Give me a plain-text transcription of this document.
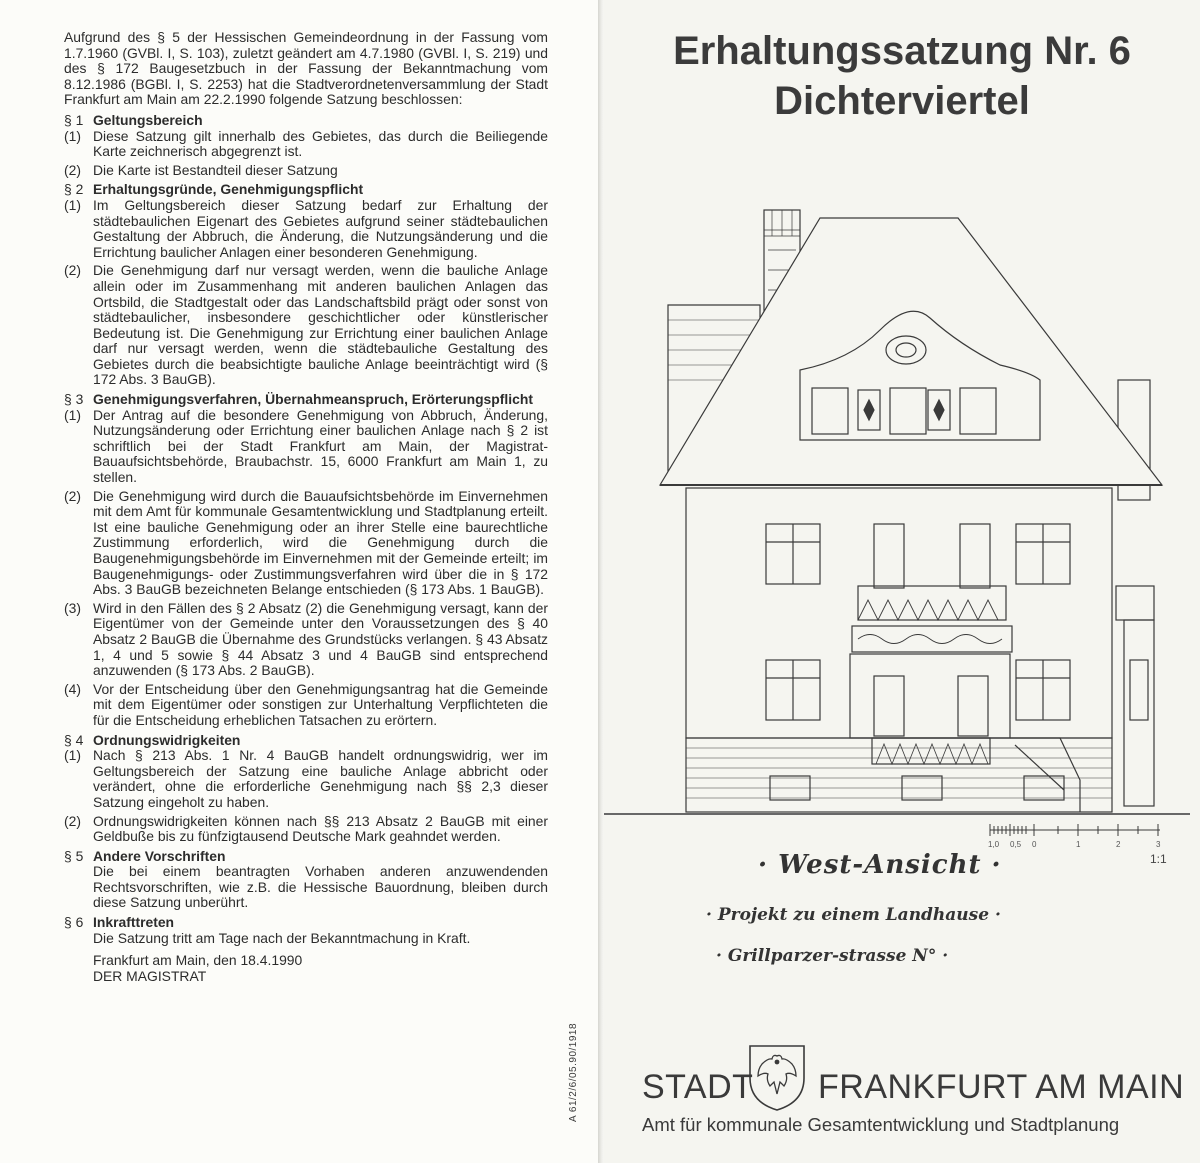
Aufgrund des § 5 der Hessischen Gemeindeordnung in der Fassung vom 1.7.1960 (GVBl. I, S. 103), zuletzt geändert am 4.7.1980 (GVBl. I, S. 219) und des § 172 Baugesetzbuch in der Fassung der Bekanntmachung vom 8.12.1986 (BGBl. I, S. 2253) hat die Stadtverordnetenversammlung der Stadt Frankfurt am Main am 22.2.1990 folgende Satzung beschlossen:

§ 1 Geltungsbereich
(1) Diese Satzung gilt innerhalb des Gebietes, das durch die Beiliegende Karte zeichnerisch abgegrenzt ist.
(2) Die Karte ist Bestandteil dieser Satzung
§ 2 Erhaltungsgründe, Genehmigungspflicht
(1) Im Geltungsbereich dieser Satzung bedarf zur Erhaltung der städtebaulichen Eigenart des Gebietes aufgrund seiner städtebaulichen Gestaltung der Abbruch, die Änderung, die Nutzungsänderung und die Errichtung baulicher Anlagen einer besonderen Genehmigung.
(2) Die Genehmigung darf nur versagt werden, wenn die bauliche Anlage allein oder im Zusammenhang mit anderen baulichen Anlagen das Ortsbild, die Stadtgestalt oder das Landschaftsbild prägt oder sonst von städtebaulicher, insbesondere geschichtlicher oder künstlerischer Bedeutung ist. Die Genehmigung zur Errichtung einer baulichen Anlage darf nur versagt werden, wenn die städtebauliche Gestaltung des Gebietes durch die beabsichtigte bauliche Anlage beeinträchtigt wird (§ 172 Abs. 3 BauGB).
§ 3 Genehmigungsverfahren, Übernahmeanspruch, Erörterungspflicht
(1) Der Antrag auf die besondere Genehmigung von Abbruch, Änderung, Nutzungsänderung oder Errichtung einer baulichen Anlage nach § 2 ist schriftlich bei der Stadt Frankfurt am Main, der Magistrat-Bauaufsichtsbehörde, Braubachstr. 15, 6000 Frankfurt am Main 1, zu stellen.
(2) Die Genehmigung wird durch die Bauaufsichtsbehörde im Einvernehmen mit dem Amt für kommunale Gesamtentwicklung und Stadtplanung erteilt. Ist eine bauliche Genehmigung oder an ihrer Stelle eine baurechtliche Zustimmung erforderlich, wird die Genehmigung durch die Baugenehmigungsbehörde im Einvernehmen mit der Gemeinde erteilt; im Baugenehmigungs- oder Zustimmungsverfahren wird über die in § 172 Abs. 3 BauGB bezeichneten Belange entschieden (§ 173 Abs. 1 BauGB).
(3) Wird in den Fällen des § 2 Absatz (2) die Genehmigung versagt, kann der Eigentümer von der Gemeinde unter den Voraussetzungen des § 40 Absatz 2 BauGB die Übernahme des Grundstücks verlangen. § 43 Absatz 1, 4 und 5 sowie § 44 Absatz 3 und 4 BauGB sind entsprechend anzuwenden (§ 173 Abs. 2 BauGB).
(4) Vor der Entscheidung über den Genehmigungsantrag hat die Gemeinde mit dem Eigentümer oder sonstigen zur Unterhaltung Verpflichteten die für die Entscheidung erheblichen Tatsachen zu erörtern.
§ 4 Ordnungswidrigkeiten
(1) Nach § 213 Abs. 1 Nr. 4 BauGB handelt ordnungswidrig, wer im Geltungsbereich der Satzung eine bauliche Anlage abbricht oder verändert, ohne die erforderliche Genehmigung nach §§ 2,3 dieser Satzung eingeholt zu haben.
(2) Ordnungswidrigkeiten können nach §§ 213 Absatz 2 BauGB mit einer Geldbuße bis zu fünfzigtausend Deutsche Mark geahndet werden.
§ 5 Andere Vorschriften
Die bei einem beantragten Vorhaben anderen anzuwendenden Rechtsvorschriften, wie z.B. die Hessische Bauordnung, bleiben durch diese Satzung unberührt.
§ 6 Inkrafttreten
Die Satzung tritt am Tage nach der Bekanntmachung in Kraft.
Frankfurt am Main, den 18.4.1990
DER MAGISTRAT
A 61/2/6/05.90/1918
Erhaltungssatzung Nr. 6
Dichterviertel
1,0 0,5 0	1	2	3
1:1
· West-Ansicht ·
· Projekt zu einem Landhause ·
· Grillparzer-strasse N° ·
STADT FRANKFURT AM MAIN
Amt für kommunale Gesamtentwicklung und Stadtplanung
